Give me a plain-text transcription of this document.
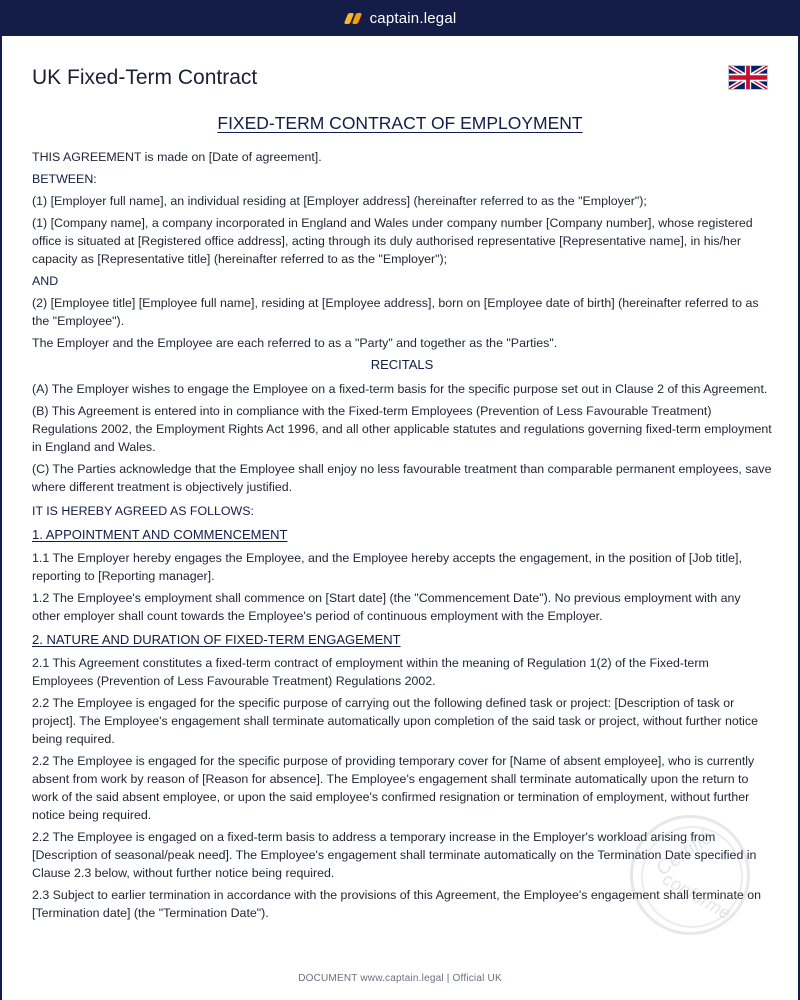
captain.legal
UK Fixed-Term Contract
FIXED-TERM CONTRACT OF EMPLOYMENT

THIS AGREEMENT is made on [Date of agreement].

BETWEEN:

(1) [Employer full name], an individual residing at [Employer address] (hereinafter referred to as the "Employer");

(1) [Company name], a company incorporated in England and Wales under company number [Company number], whose registered office is situated at [Registered office address], acting through its duly authorised representative [Representative name], in his/her capacity as [Representative title] (hereinafter referred to as the "Employer");

AND

(2) [Employee title] [Employee full name], residing at [Employee address], born on [Employee date of birth] (hereinafter referred to as the "Employee").

The Employer and the Employee are each referred to as a "Party" and together as the "Parties".

RECITALS

(A) The Employer wishes to engage the Employee on a fixed-term basis for the specific purpose set out in Clause 2 of this Agreement.

(B) This Agreement is entered into in compliance with the Fixed-term Employees (Prevention of Less Favourable Treatment) Regulations 2002, the Employment Rights Act 1996, and all other applicable statutes and regulations governing fixed-term employment in England and Wales.

(C) The Parties acknowledge that the Employee shall enjoy no less favourable treatment than comparable permanent employees, save where different treatment is objectively justified.

IT IS HEREBY AGREED AS FOLLOWS:

1. APPOINTMENT AND COMMENCEMENT

1.1 The Employer hereby engages the Employee, and the Employee hereby accepts the engagement, in the position of [Job title], reporting to [Reporting manager].

1.2 The Employee's employment shall commence on [Start date] (the "Commencement Date"). No previous employment with any other employer shall count towards the Employee's period of continuous employment with the Employer.

2. NATURE AND DURATION OF FIXED-TERM ENGAGEMENT

2.1 This Agreement constitutes a fixed-term contract of employment within the meaning of Regulation 1(2) of the Fixed-term Employees (Prevention of Less Favourable Treatment) Regulations 2002.

2.2 The Employee is engaged for the specific purpose of carrying out the following defined task or project: [Description of task or project]. The Employee's engagement shall terminate automatically upon completion of the said task or project, without further notice being required.

2.2 The Employee is engaged for the specific purpose of providing temporary cover for [Name of absent employee], who is currently absent from work by reason of [Reason for absence]. The Employee's engagement shall terminate automatically upon the return to work of the said absent employee, or upon the said employee's confirmed resignation or termination of employment, without further notice being required.

2.2 The Employee is engaged on a fixed-term basis to address a temporary increase in the Employer's workload arising from [Description of seasonal/peak need]. The Employee's engagement shall terminate automatically on the Termination Date specified in Clause 2.3 below, without further notice being required.

2.3 Subject to earlier termination in accordance with the provisions of this Agreement, the Employee's engagement shall terminate on [Termination date] (the "Termination Date").

Certifié
conforme
DOCUMENT www.captain.legal | Official UK
